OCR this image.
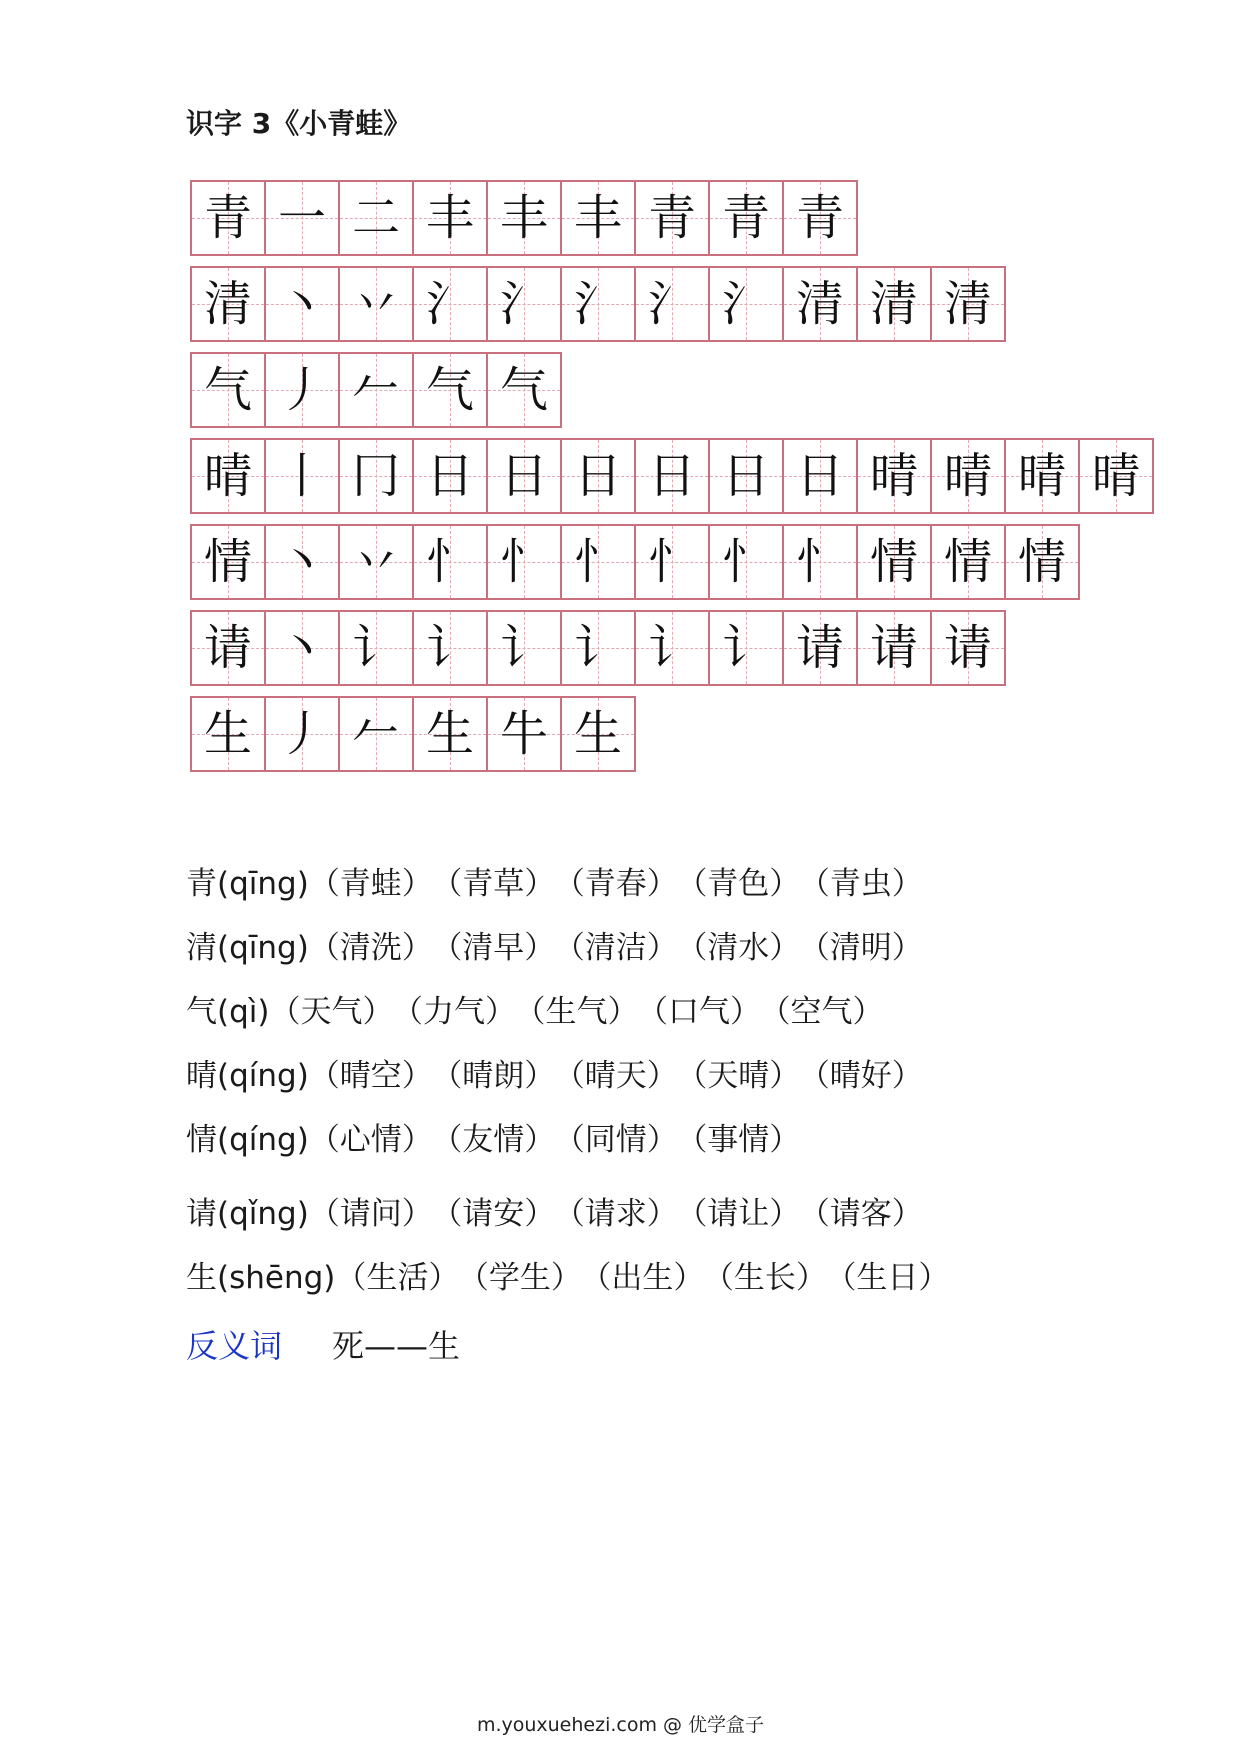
识字 3《小青蛙》
青 一 二 丰 丰 丰 青 青 青
清 丶 丷 氵 氵 氵 氵 氵 清 清 清
气 丿 𠂉 气 气
晴 丨 冂 日 日 日 日 日 日 晴 晴 晴 晴
情 丶 丷 忄 忄 忄 忄 忄 忄 情 情 情
请 丶 讠 讠 讠 讠 讠 讠 请 请 请
生 丿 𠂉 生 牛 生
青(qīng)（青蛙） （青草） （青春） （青色） （青虫）
清(qīng)（清洗） （清早） （清洁） （清水） （清明）
气(qì)（天气） （力气） （生气） （口气） （空气）
晴(qíng)（晴空） （晴朗） （晴天） （天晴） （晴好）
情(qíng)（心情） （友情） （同情） （事情）
请(qǐng)（请问） （请安） （请求） （请让） （请客）
生(shēng)（生活） （学生） （出生） （生长） （生日）
反义词 死——生
m.youxuehezi.com @ 优学盒子
